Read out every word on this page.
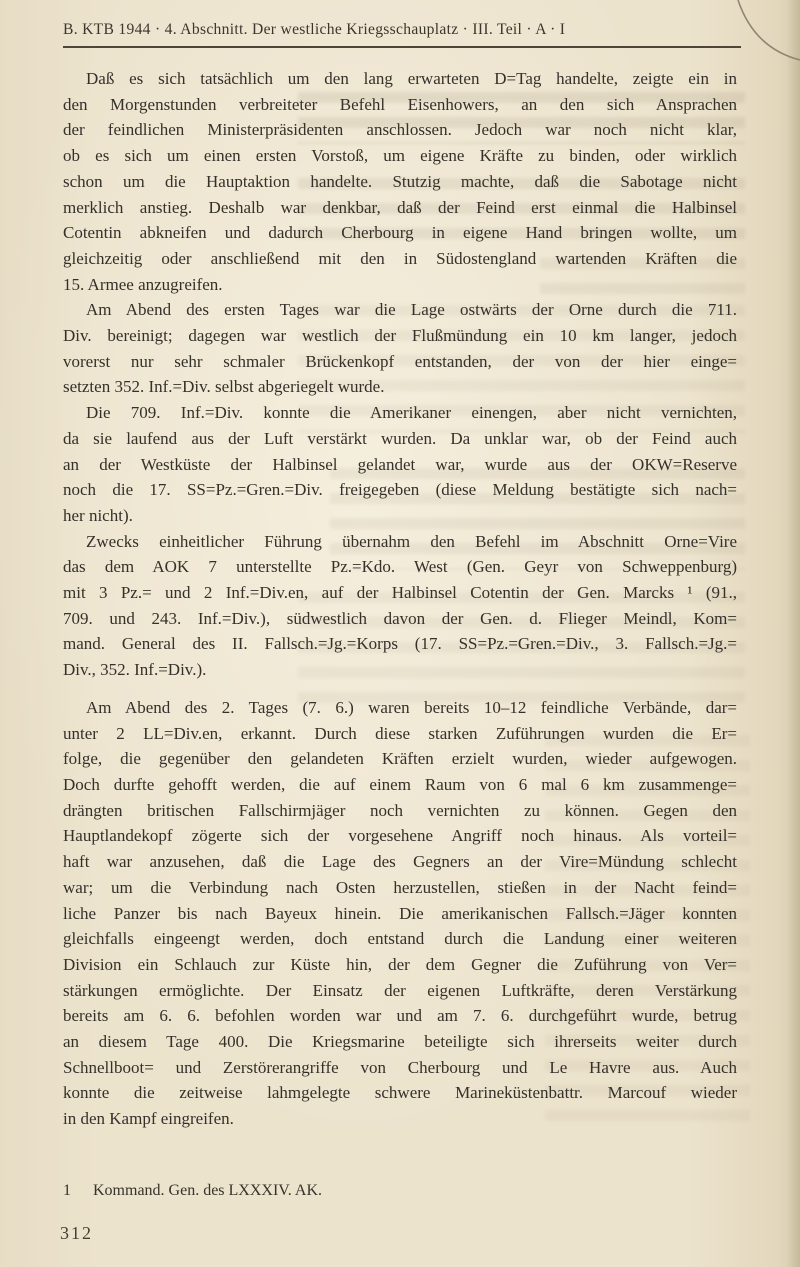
B. KTB 1944 · 4. Abschnitt. Der westliche Kriegsschauplatz · III. Teil · A · I
Daß es sich tatsächlich um den lang erwarteten D=Tag handelte, zeigte ein in
den Morgenstunden verbreiteter Befehl Eisenhowers, an den sich Ansprachen
der feindlichen Ministerpräsidenten anschlossen. Jedoch war noch nicht klar,
ob es sich um einen ersten Vorstoß, um eigene Kräfte zu binden, oder wirklich
schon um die Hauptaktion handelte. Stutzig machte, daß die Sabotage nicht
merklich anstieg. Deshalb war denkbar, daß der Feind erst einmal die Halbinsel
Cotentin abkneifen und dadurch Cherbourg in eigene Hand bringen wollte, um
gleichzeitig oder anschließend mit den in Südostengland wartenden Kräften die
15. Armee anzugreifen.
Am Abend des ersten Tages war die Lage ostwärts der Orne durch die 711.
Div. bereinigt; dagegen war westlich der Flußmündung ein 10 km langer, jedoch
vorerst nur sehr schmaler Brückenkopf entstanden, der von der hier einge=
setzten 352. Inf.=Div. selbst abgeriegelt wurde.
Die 709. Inf.=Div. konnte die Amerikaner einengen, aber nicht vernichten,
da sie laufend aus der Luft verstärkt wurden. Da unklar war, ob der Feind auch
an der Westküste der Halbinsel gelandet war, wurde aus der OKW=Reserve
noch die 17. SS=Pz.=Gren.=Div. freigegeben (diese Meldung bestätigte sich nach=
her nicht).
Zwecks einheitlicher Führung übernahm den Befehl im Abschnitt Orne=Vire
das dem AOK 7 unterstellte Pz.=Kdo. West (Gen. Geyr von Schweppenburg)
mit 3 Pz.= und 2 Inf.=Div.en, auf der Halbinsel Cotentin der Gen. Marcks ¹ (91.,
709. und 243. Inf.=Div.), südwestlich davon der Gen. d. Flieger Meindl, Kom=
mand. General des II. Fallsch.=Jg.=Korps (17. SS=Pz.=Gren.=Div., 3. Fallsch.=Jg.=
Div., 352. Inf.=Div.).
Am Abend des 2. Tages (7. 6.) waren bereits 10–12 feindliche Verbände, dar=
unter 2 LL=Div.en, erkannt. Durch diese starken Zuführungen wurden die Er=
folge, die gegenüber den gelandeten Kräften erzielt wurden, wieder aufgewogen.
Doch durfte gehofft werden, die auf einem Raum von 6 mal 6 km zusammenge=
drängten britischen Fallschirmjäger noch vernichten zu können. Gegen den
Hauptlandekopf zögerte sich der vorgesehene Angriff noch hinaus. Als vorteil=
haft war anzusehen, daß die Lage des Gegners an der Vire=Mündung schlecht
war; um die Verbindung nach Osten herzustellen, stießen in der Nacht feind=
liche Panzer bis nach Bayeux hinein. Die amerikanischen Fallsch.=Jäger konnten
gleichfalls eingeengt werden, doch entstand durch die Landung einer weiteren
Division ein Schlauch zur Küste hin, der dem Gegner die Zuführung von Ver=
stärkungen ermöglichte. Der Einsatz der eigenen Luftkräfte, deren Verstärkung
bereits am 6. 6. befohlen worden war und am 7. 6. durchgeführt wurde, betrug
an diesem Tage 400. Die Kriegsmarine beteiligte sich ihrerseits weiter durch
Schnellboot= und Zerstörerangriffe von Cherbourg und Le Havre aus. Auch
konnte die zeitweise lahmgelegte schwere Marineküstenbattr. Marcouf wieder
in den Kampf eingreifen.
1 Kommand. Gen. des LXXXIV. AK.
312
